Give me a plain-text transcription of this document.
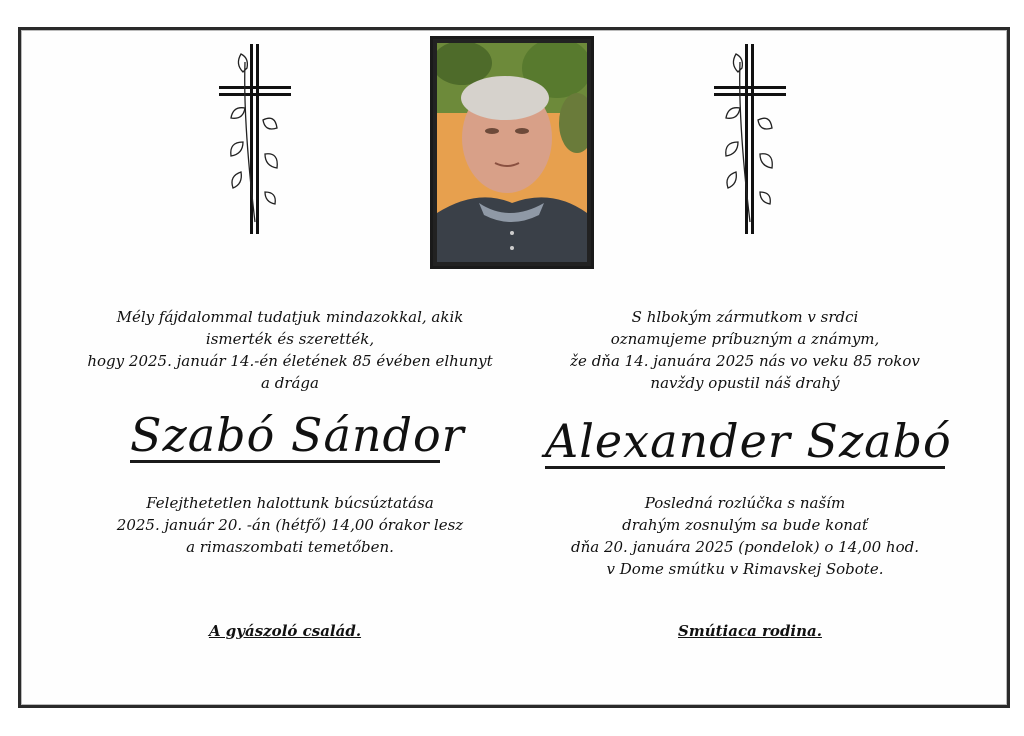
Mély fájdalommal tudatjuk mindazokkal, akik

ismerték és szerették,

hogy 2025. január 14.-én életének 85 évében elhunyt

a drága

Szabó Sándor

Felejthetetlen halottunk búcsúztatása

2025. január 20. -án (hétfő) 14,00 órakor lesz

a rimaszombati temetőben.

A gyászoló család.

S hlbokým zármutkom v srdci

oznamujeme príbuzným a známym,

že dňa 14. januára 2025 nás vo veku 85 rokov

navždy opustil náš drahý

Alexander Szabó

Posledná rozlúčka s naším

drahým zosnulým sa bude konať

dňa 20. januára 2025 (pondelok) o 14,00 hod.

v Dome smútku v Rimavskej Sobote.

Smútiaca rodina.
